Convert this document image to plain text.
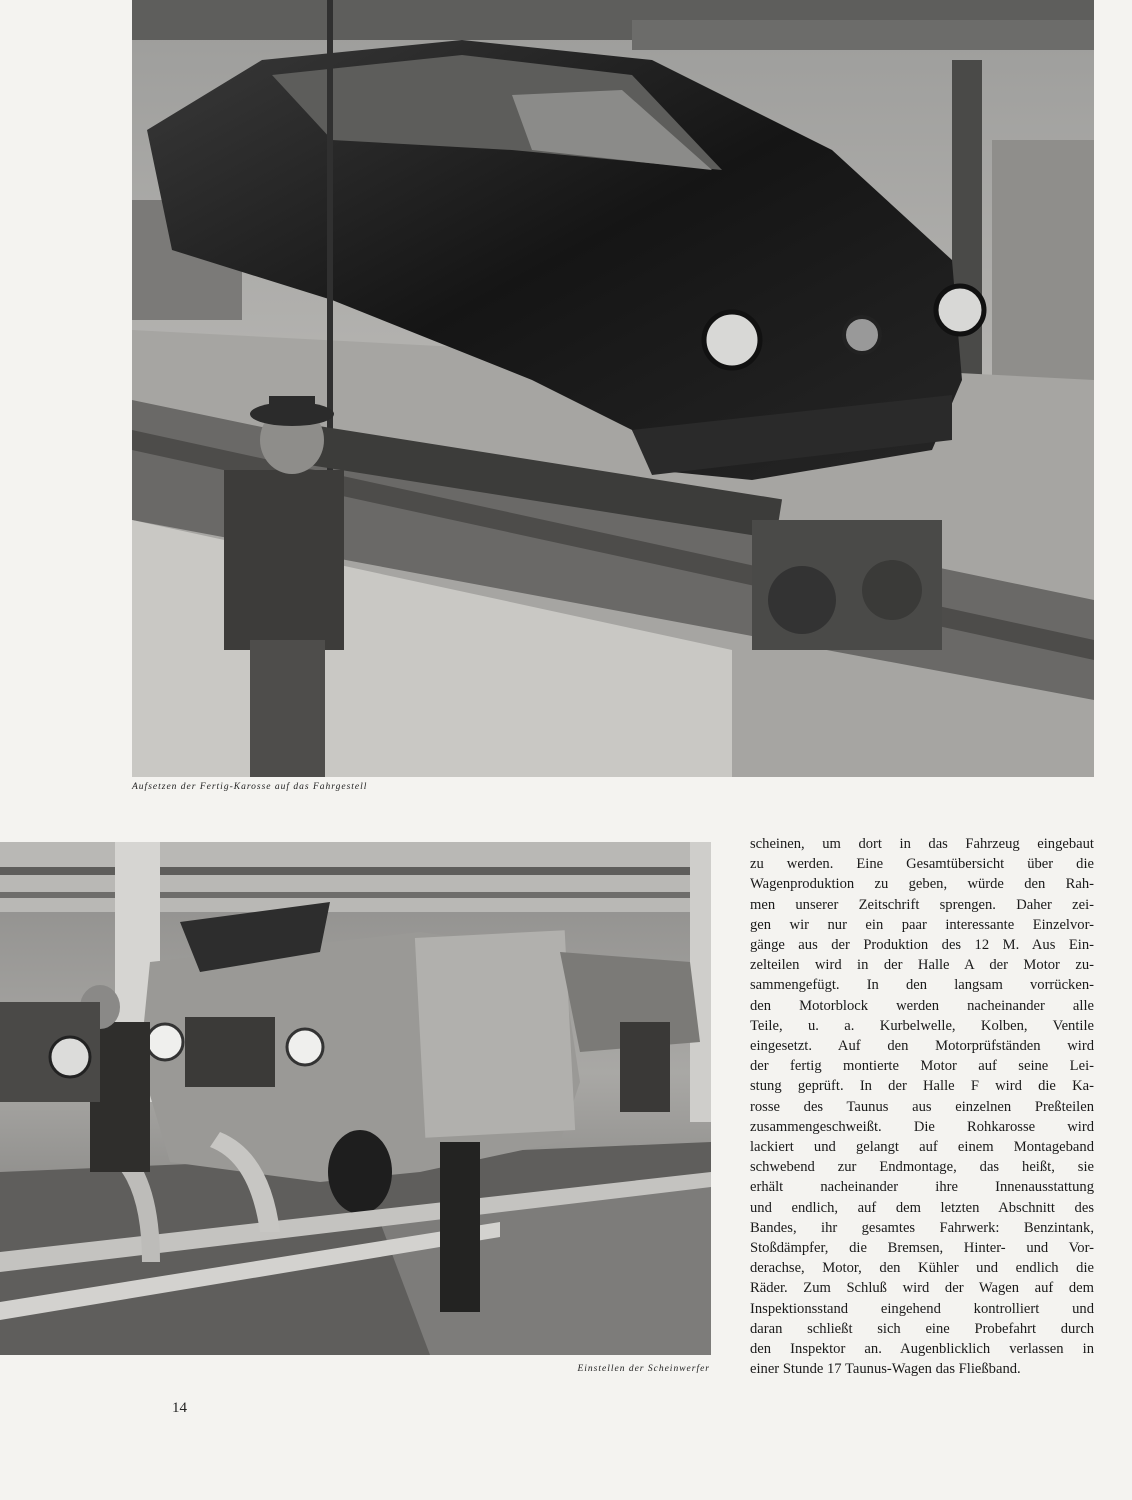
Aufsetzen der Fertig-Karosse auf das Fahrgestell
Einstellen der Scheinwerfer

scheinen, um dort in das Fahrzeug eingebaut
zu werden. Eine Gesamtübersicht über die
Wagenproduktion zu geben, würde den Rah-
men unserer Zeitschrift sprengen. Daher zei-
gen wir nur ein paar interessante Einzelvor-
gänge aus der Produktion des 12 M. Aus Ein-
zelteilen wird in der Halle A der Motor zu-
sammengefügt. In den langsam vorrücken-
den Motorblock werden nacheinander alle
Teile, u. a. Kurbelwelle, Kolben, Ventile
eingesetzt. Auf den Motorprüfständen wird
der fertig montierte Motor auf seine Lei-
stung geprüft. In der Halle F wird die Ka-
rosse des Taunus aus einzelnen Preßteilen
zusammengeschweißt. Die Rohkarosse wird
lackiert und gelangt auf einem Montageband
schwebend zur Endmontage, das heißt, sie
erhält nacheinander ihre Innenausstattung
und endlich, auf dem letzten Abschnitt des
Bandes, ihr gesamtes Fahrwerk: Benzintank,
Stoßdämpfer, die Bremsen, Hinter- und Vor-
derachse, Motor, den Kühler und endlich die
Räder. Zum Schluß wird der Wagen auf dem
Inspektionsstand eingehend kontrolliert und
daran schließt sich eine Probefahrt durch
den Inspektor an. Augenblicklich verlassen in
einer Stunde 17 Taunus-Wagen das Fließband.

14
